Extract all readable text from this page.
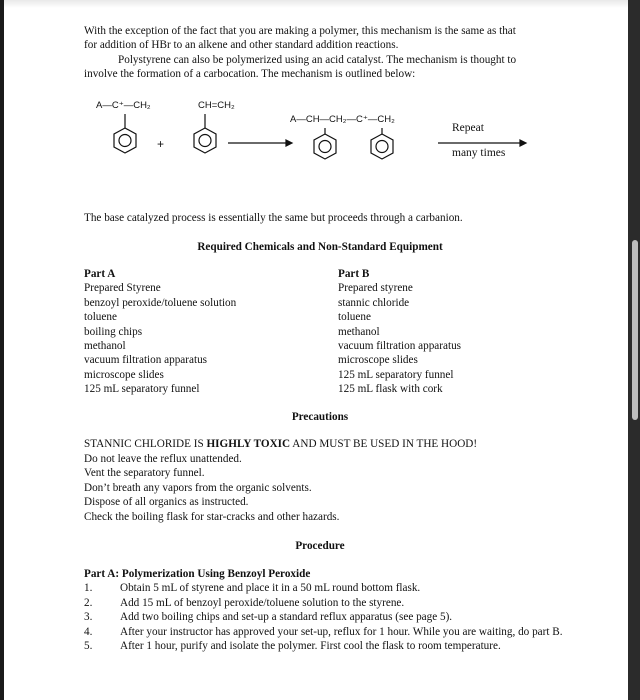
With the exception of the fact that you are making a polymer, this mechanism is the same as that

for addition of HBr to an alkene and other standard addition reactions.

Polystyrene can also be polymerized using an acid catalyst. The mechanism is thought to

involve the formation of a carbocation. The mechanism is outlined below:

A—C⁺—CH₂	CH=CH₂
A—CH—CH₂—C⁺—CH₂
+
Repeat
many times

The base catalyzed process is essentially the same but proceeds through a carbanion.

Required Chemicals and Non-Standard Equipment

Part A
Prepared Styrene
benzoyl peroxide/toluene solution
toluene
boiling chips
methanol
vacuum filtration apparatus
microscope slides
125 mL separatory funnel
Part B
Prepared styrene
stannic chloride
toluene
methanol
vacuum filtration apparatus
microscope slides
125 mL separatory funnel
125 mL flask with cork

Precautions

STANNIC CHLORIDE IS HIGHLY TOXIC AND MUST BE USED IN THE HOOD!
Do not leave the reflux unattended.
Vent the separatory funnel.
Don’t breath any vapors from the organic solvents.
Dispose of all organics as instructed.
Check the boiling flask for star-cracks and other hazards.

Procedure

Part A: Polymerization Using Benzoyl Peroxide

1.	Obtain 5 mL of styrene and place it in a 50 mL round bottom flask.
2.	Add 15 mL of benzoyl peroxide/toluene solution to the styrene.
3.	Add two boiling chips and set-up a standard reflux apparatus (see page 5).
4.	After your instructor has approved your set-up, reflux for 1 hour. While you are waiting, do part B.
5.	After 1 hour, purify and isolate the polymer. First cool the flask to room temperature.
